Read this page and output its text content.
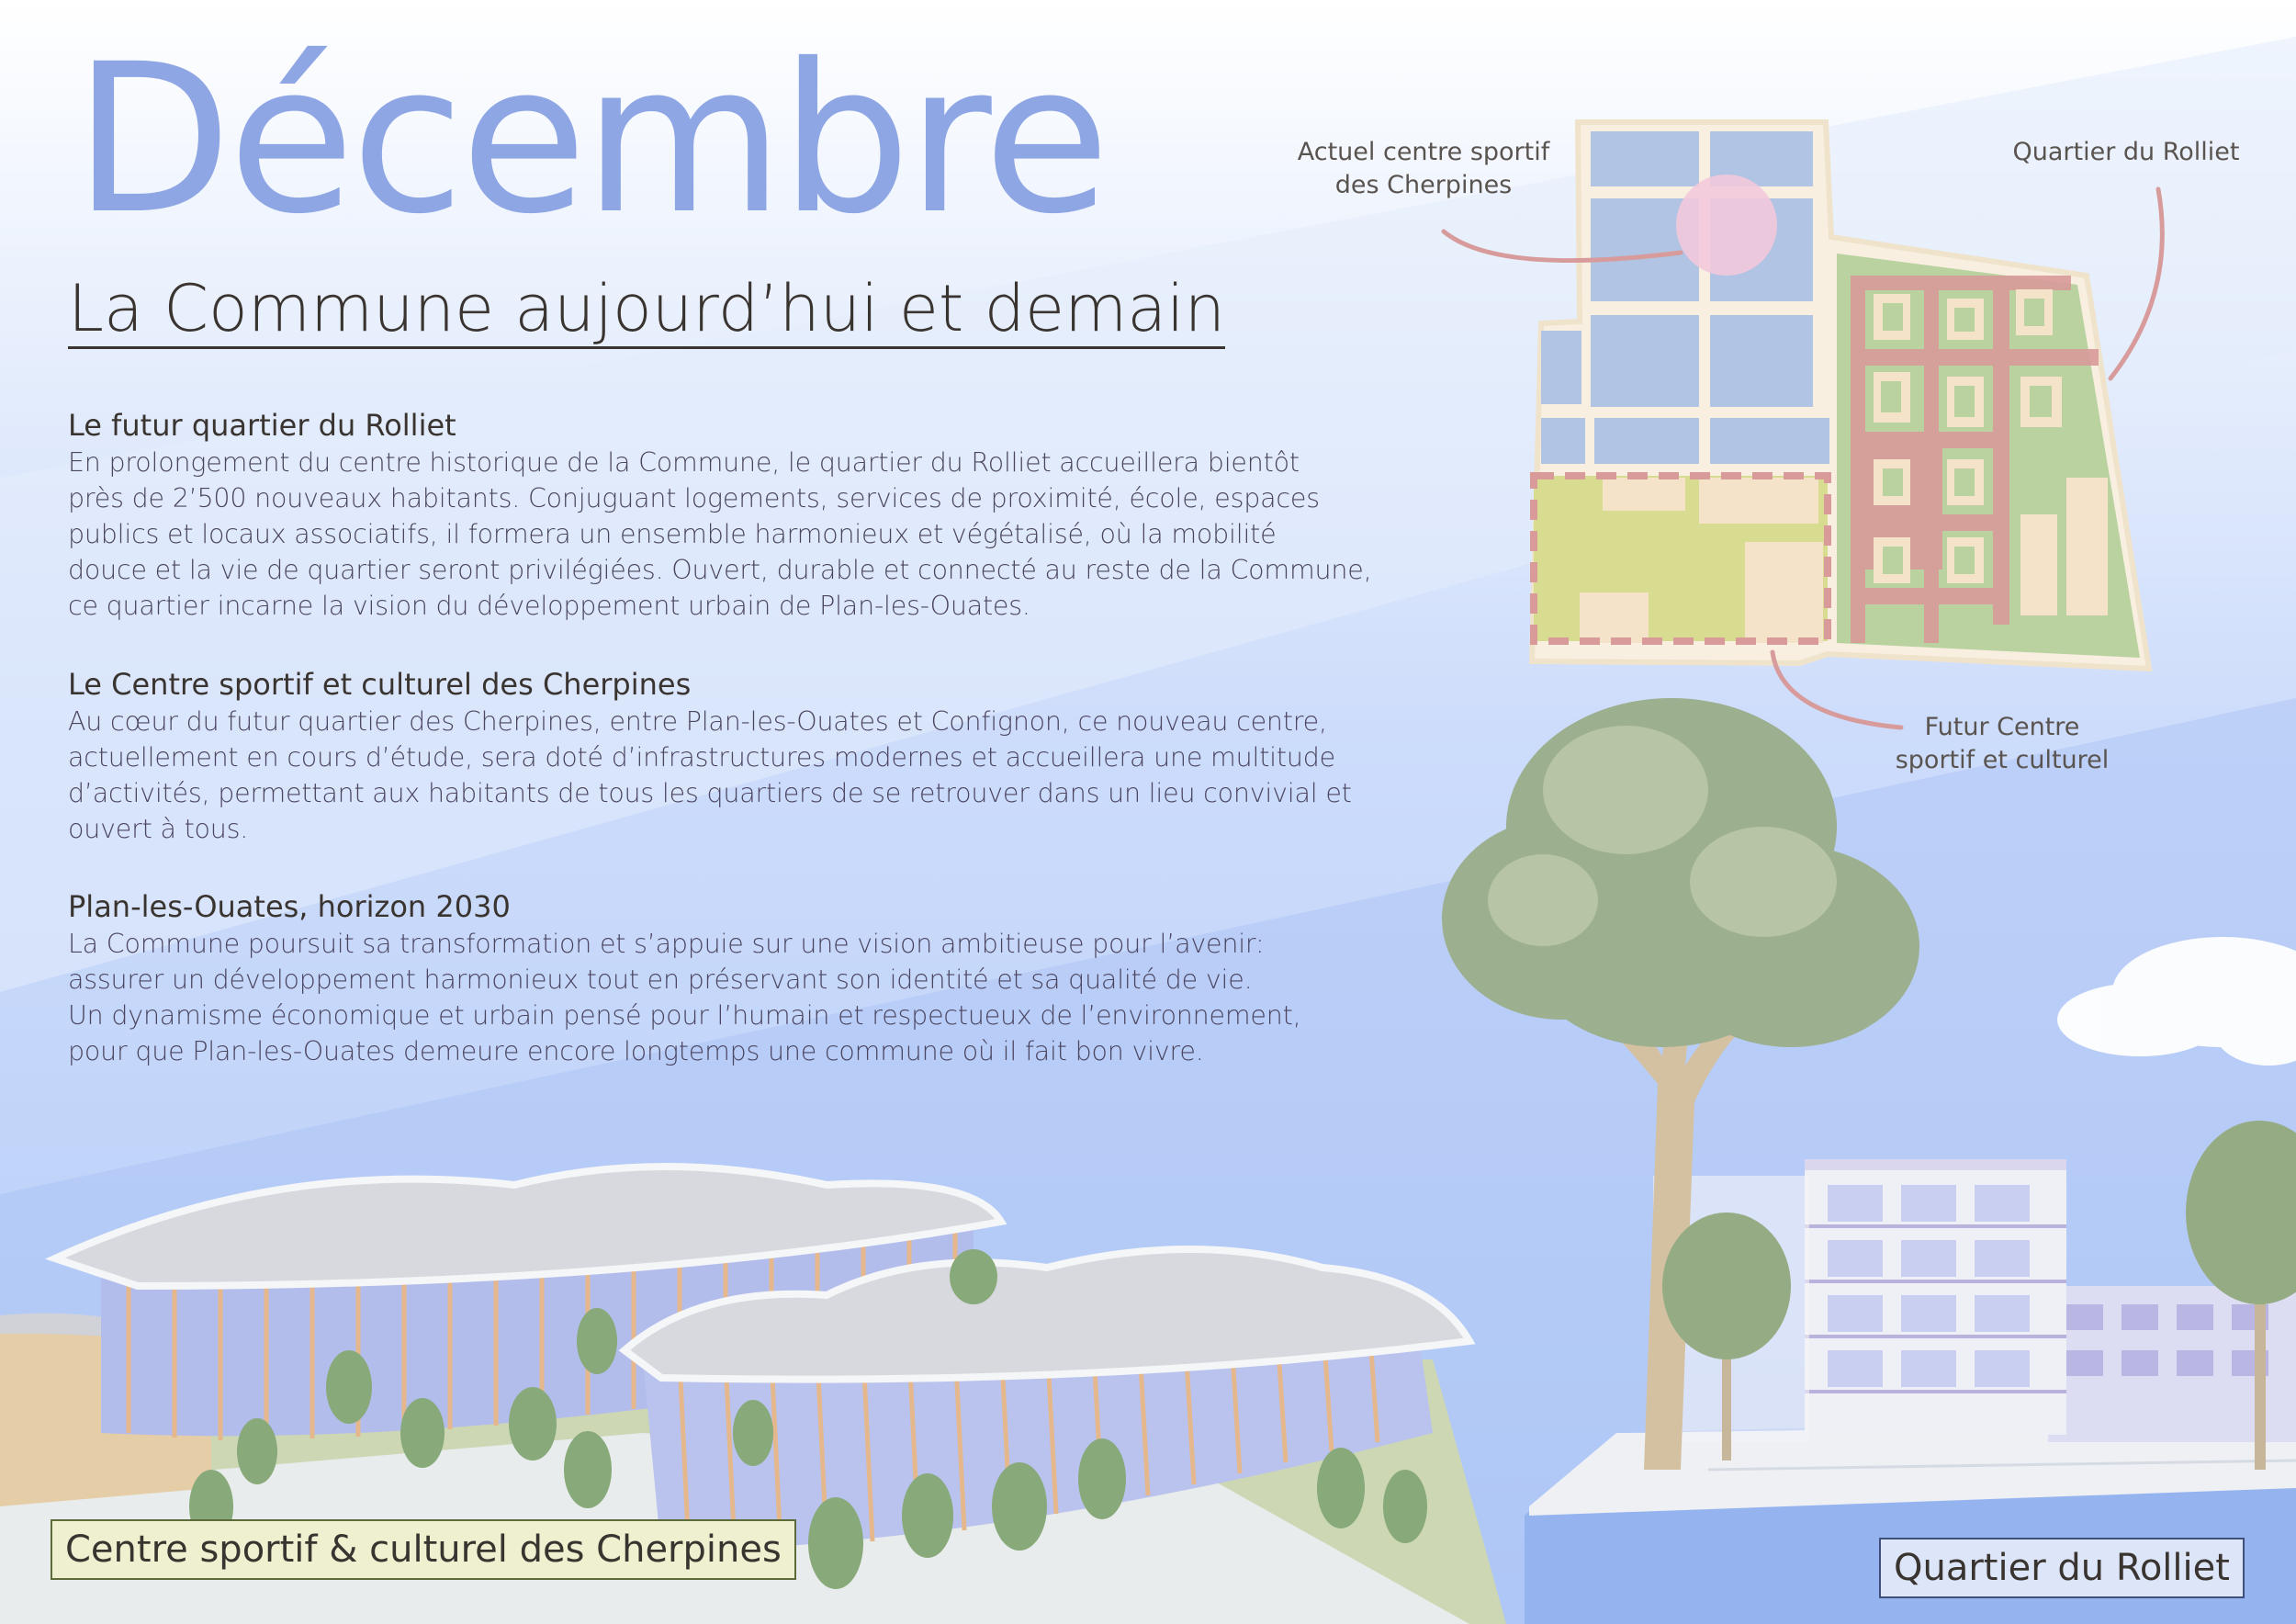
Décembre
La Commune aujourd’hui et demain
Le futur quartier du Rolliet

En prolongement du centre historique de la Commune, le quartier du Rolliet accueillera bientôt

près de 2’500 nouveaux habitants. Conjuguant logements, services de proximité, école, espaces

publics et locaux associatifs, il formera un ensemble harmonieux et végétalisé, où la mobilité

douce et la vie de quartier seront privilégiées. Ouvert, durable et connecté au reste de la Commune,

ce quartier incarne la vision du développement urbain de Plan-les-Ouates.

Le Centre sportif et culturel des Cherpines

Au cœur du futur quartier des Cherpines, entre Plan-les-Ouates et Confignon, ce nouveau centre,

actuellement en cours d’étude, sera doté d’infrastructures modernes et accueillera une multitude

d’activités, permettant aux habitants de tous les quartiers de se retrouver dans un lieu convivial et

ouvert à tous.

Plan-les-Ouates, horizon 2030

La Commune poursuit sa transformation et s’appuie sur une vision ambitieuse pour l’avenir:

assurer un développement harmonieux tout en préservant son identité et sa qualité de vie.

Un dynamisme économique et urbain pensé pour l’humain et respectueux de l’environnement,

pour que Plan-les-Ouates demeure encore longtemps une commune où il fait bon vivre.

Actuel centre sportif
des Cherpines
Quartier du Rolliet
Futur Centre
sportif et culturel
Centre sportif & culturel des Cherpines	Quartier du Rolliet
